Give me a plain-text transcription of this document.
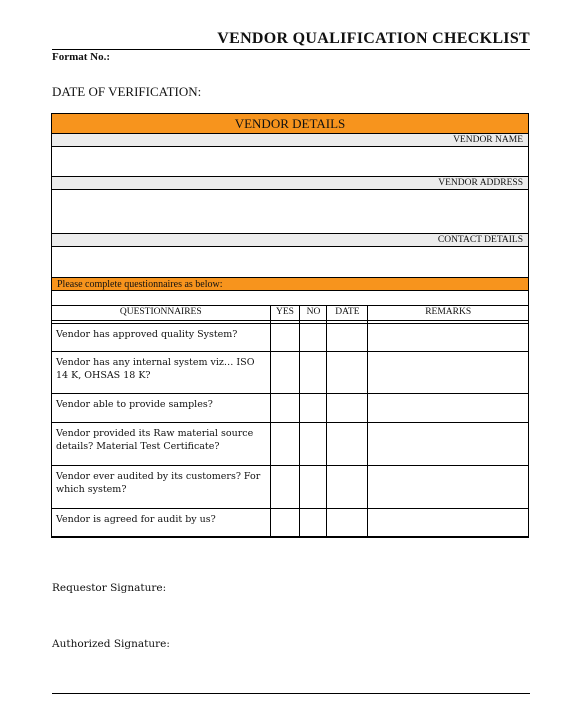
VENDOR QUALIFICATION CHECKLIST
Format No.:
DATE OF VERIFICATION:
VENDOR DETAILS
VENDOR NAME
VENDOR ADDRESS
CONTACT DETAILS
Please complete questionnaires as below:
QUESTIONNAIRES	YES	NO	DATE	REMARKS

Vendor has approved quality System?				
Vendor has any internal system viz… ISO 14 K, OHSAS 18 K?				
Vendor able to provide samples?				
Vendor provided its Raw material source details? Material Test Certificate?				
Vendor ever audited by its customers? For which system?				
Vendor is agreed for audit by us?				
Requestor Signature:
Authorized Signature:
